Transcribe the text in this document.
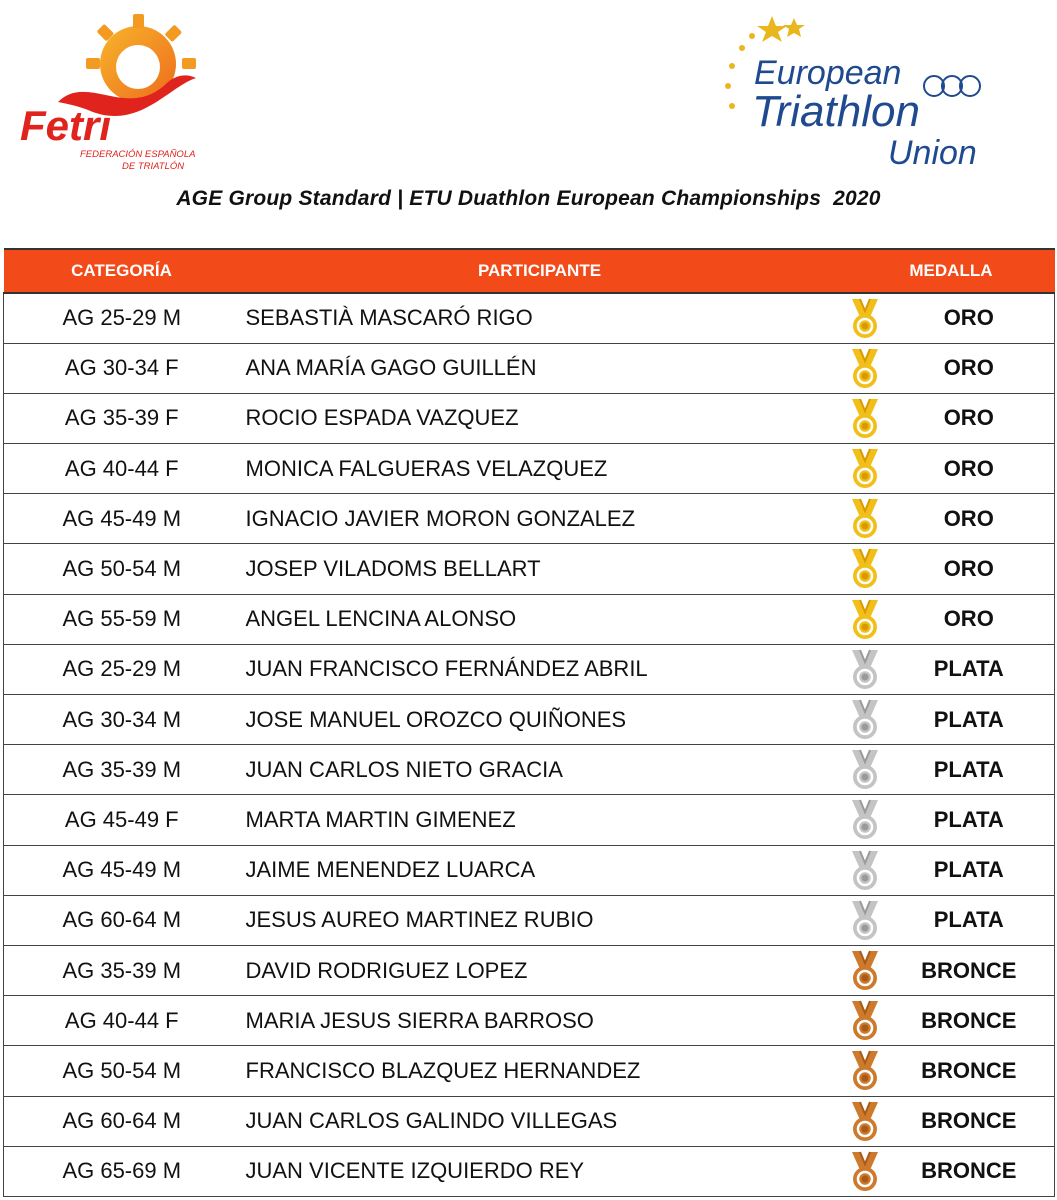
Fetri
FEDERACIÓN ESPAÑOLA
DE TRIATLÓN
European
Triathlon
Union
AGE Group Standard | ETU Duathlon European Championships  2020
CATEGORÍA	PARTICIPANTE	MEDALLA
AG 25-29 M	SEBASTIÀ MASCARÓ RIGO	ORO

AG 30-34 F	ANA MARÍA GAGO GUILLÉN	ORO

AG 35-39 F	ROCIO ESPADA VAZQUEZ	ORO

AG 40-44 F	MONICA FALGUERAS VELAZQUEZ	ORO

AG 45-49 M	IGNACIO JAVIER MORON GONZALEZ	ORO

AG 50-54 M	JOSEP VILADOMS BELLART	ORO

AG 55-59 M	ANGEL LENCINA ALONSO	ORO

AG 25-29 M	JUAN FRANCISCO FERNÁNDEZ ABRIL	PLATA

AG 30-34 M	JOSE MANUEL OROZCO QUIÑONES	PLATA

AG 35-39 M	JUAN CARLOS NIETO GRACIA	PLATA

AG 45-49 F	MARTA MARTIN GIMENEZ	PLATA

AG 45-49 M	JAIME MENENDEZ LUARCA	PLATA

AG 60-64 M	JESUS AUREO MARTINEZ RUBIO	PLATA

AG 35-39 M	DAVID RODRIGUEZ LOPEZ	BRONCE

AG 40-44 F	MARIA JESUS SIERRA BARROSO	BRONCE

AG 50-54 M	FRANCISCO BLAZQUEZ HERNANDEZ	BRONCE

AG 60-64 M	JUAN CARLOS GALINDO VILLEGAS	BRONCE

AG 65-69 M	JUAN VICENTE IZQUIERDO REY	BRONCE
